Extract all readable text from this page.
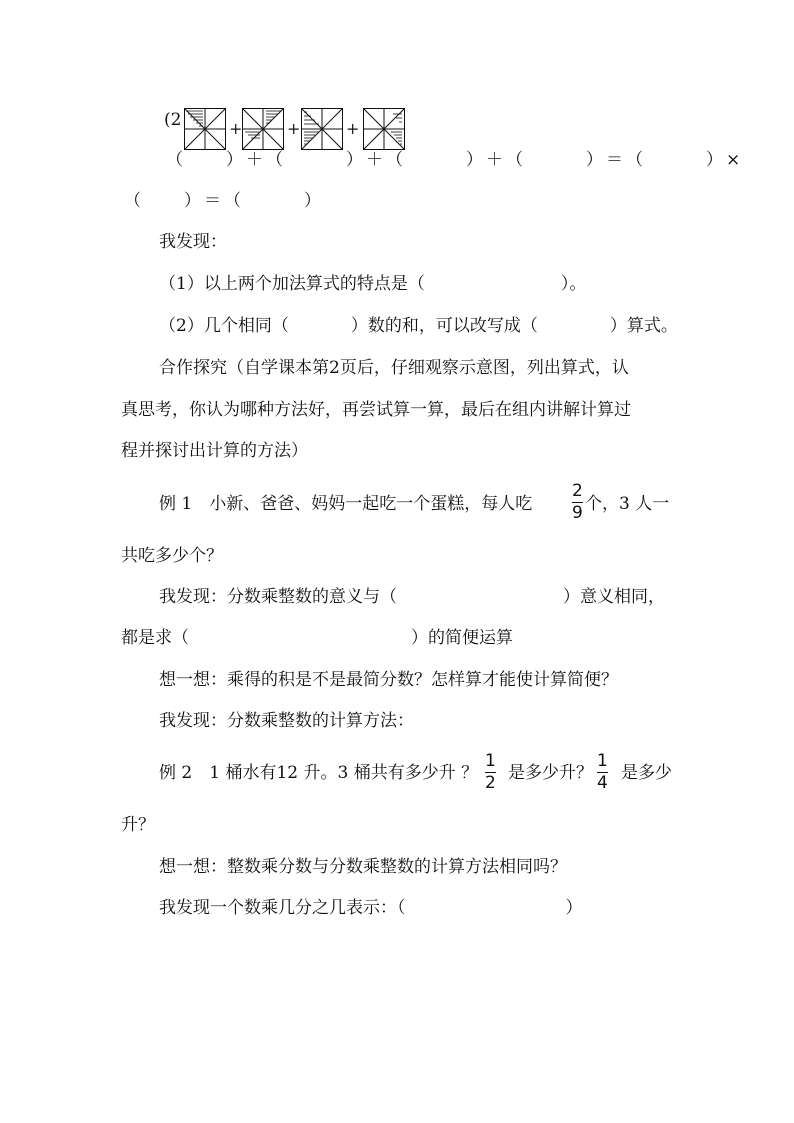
(2	+	+	+
（　　）＋（　　　）＋（　　　）＋（　　　）＝（　　　）×
（　　）＝（　　　）
我发现：
（1）以上两个加法算式的特点是（　　　　　　　　）。
（2）几个相同（	）数的和，可以改写成（	）算式。
合作探究（自学课本第2页后，仔细观察示意图，列出算式，认
真思考，你认为哪种方法好，再尝试算一算，最后在组内讲解计算过
程并探讨出计算的方法）
例 1　小新、爸爸、妈妈一起吃一个蛋糕，每人吃
2
9 个，3 人一
共吃多少个？
我发现：分数乘整数的意义与（	）意义相同，
都是求（	）的简便运算
想一想：乘得的积是不是最简分数？怎样算才能使计算简便？
我发现：分数乘整数的计算方法：
例 2　1 桶水有12 升。3 桶共有多少升 ？
1
2 是多少升？
1
4 是多少
升？
想一想：整数乘分数与分数乘整数的计算方法相同吗？
我发现一个数乘几分之几表示：（	）
